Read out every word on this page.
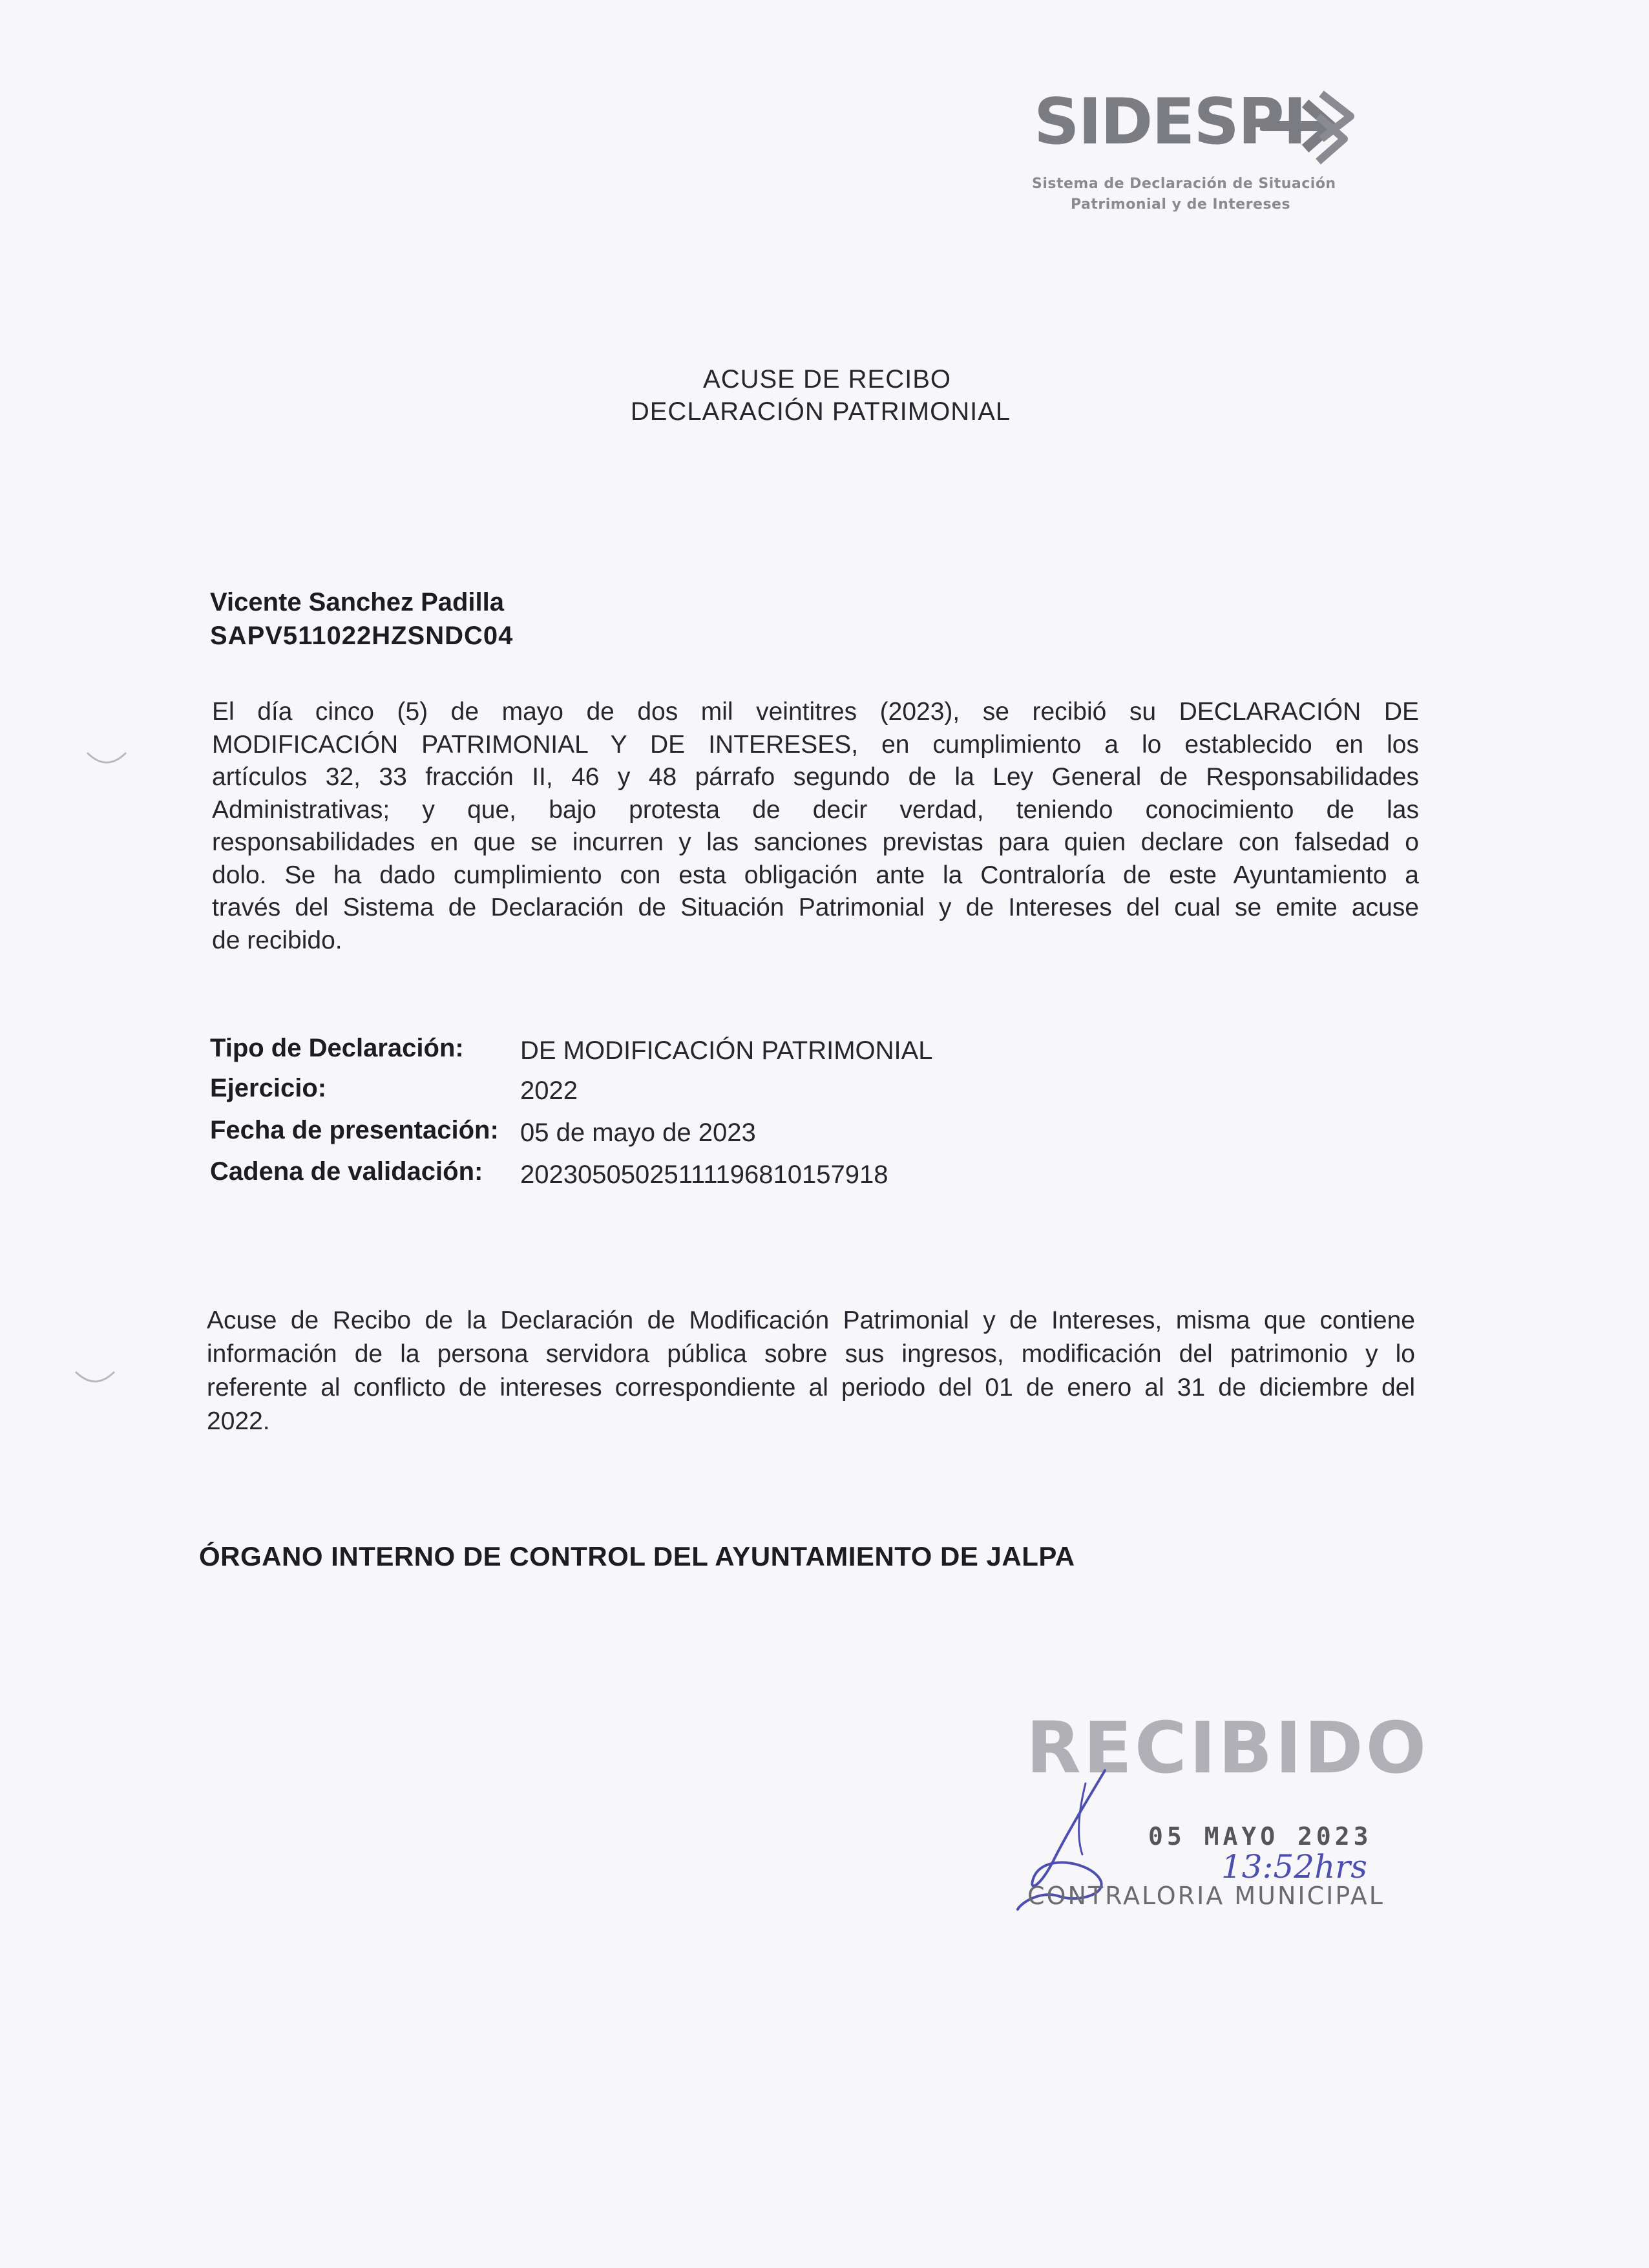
SIDESPI
Sistema de Declaración de Situación
Patrimonial y de Intereses
ACUSE DE RECIBO
DECLARACIÓN PATRIMONIAL
Vicente Sanchez Padilla
SAPV511022HZSNDC04
El día cinco (5) de mayo de dos mil veintitres (2023), se recibió su DECLARACIÓN DE
MODIFICACIÓN PATRIMONIAL Y DE INTERESES, en cumplimiento a lo establecido en los
artículos 32, 33 fracción II, 46 y 48 párrafo segundo de la Ley General de Responsabilidades
Administrativas; y que, bajo protesta de decir verdad, teniendo conocimiento de las
responsabilidades en que se incurren y las sanciones previstas para quien declare con falsedad o
dolo. Se ha dado cumplimiento con esta obligación ante la Contraloría de este Ayuntamiento a
través del Sistema de Declaración de Situación Patrimonial y de Intereses del cual se emite acuse
de recibido.
Tipo de Declaración: DE MODIFICACIÓN PATRIMONIAL
Ejercicio:	2022
Fecha de presentación: 05 de mayo de 2023
Cadena de validación: 20230505025111196810157918
Acuse de Recibo de la Declaración de Modificación Patrimonial y de Intereses, misma que contiene
información de la persona servidora pública sobre sus ingresos, modificación del patrimonio y lo
referente al conflicto de intereses correspondiente al periodo del 01 de enero al 31 de diciembre del
2022.
ÓRGANO INTERNO DE CONTROL DEL AYUNTAMIENTO DE JALPA
RECIBIDO
05 MAYO 2023
13:52hrs
CONTRALORIA MUNICIPAL
